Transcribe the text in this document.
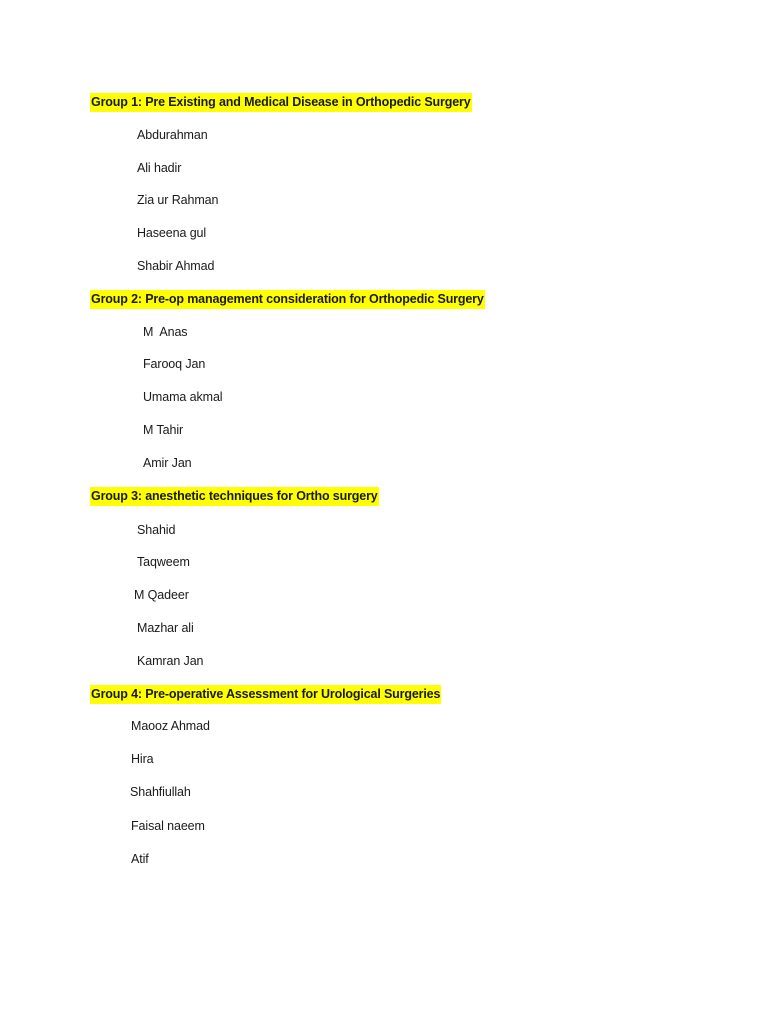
Group 1: Pre Existing and Medical Disease in Orthopedic Surgery
Abdurahman
Ali hadir
Zia ur Rahman
Haseena gul
Shabir Ahmad
Group 2: Pre-op management consideration for Orthopedic Surgery
M  Anas
Farooq Jan
Umama akmal
M Tahir
Amir Jan
Group 3: anesthetic techniques for Ortho surgery
Shahid
Taqweem
M Qadeer
Mazhar ali
Kamran Jan
Group 4: Pre-operative Assessment for Urological Surgeries
Maooz Ahmad
Hira
Shahfiullah
Faisal naeem
Atif
